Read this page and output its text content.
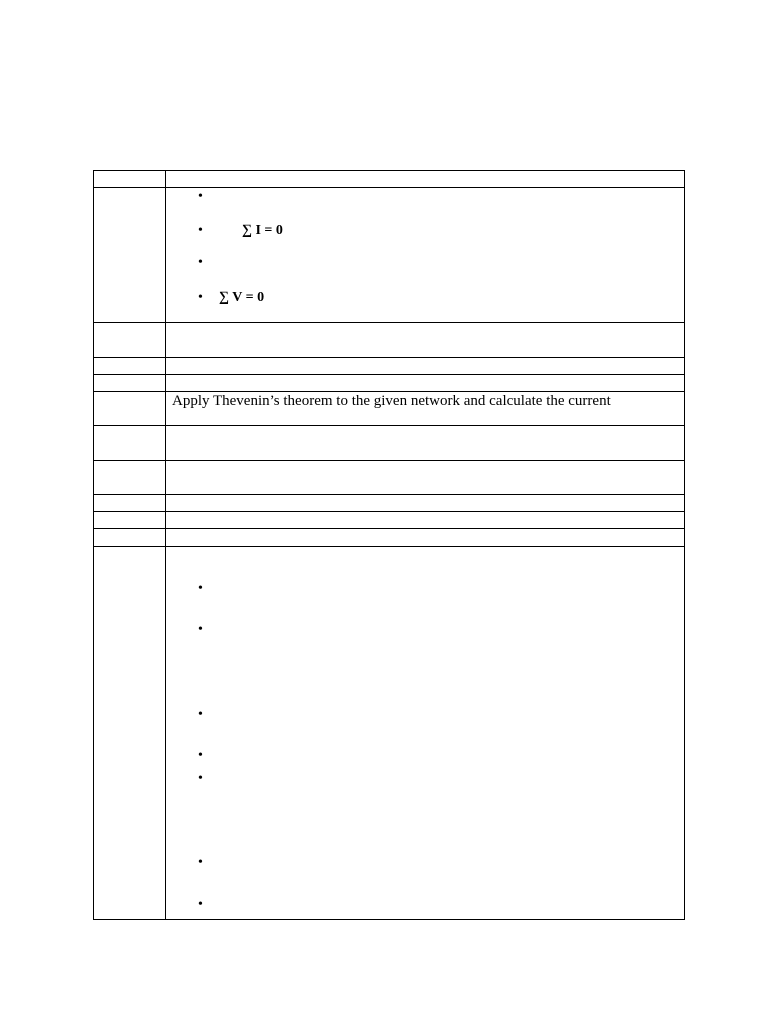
•
•	∑ I = 0
•
• ∑ V = 0
Apply Thevenin’s theorem to the given network and calculate the current
•
•
•
•
•
•
•
